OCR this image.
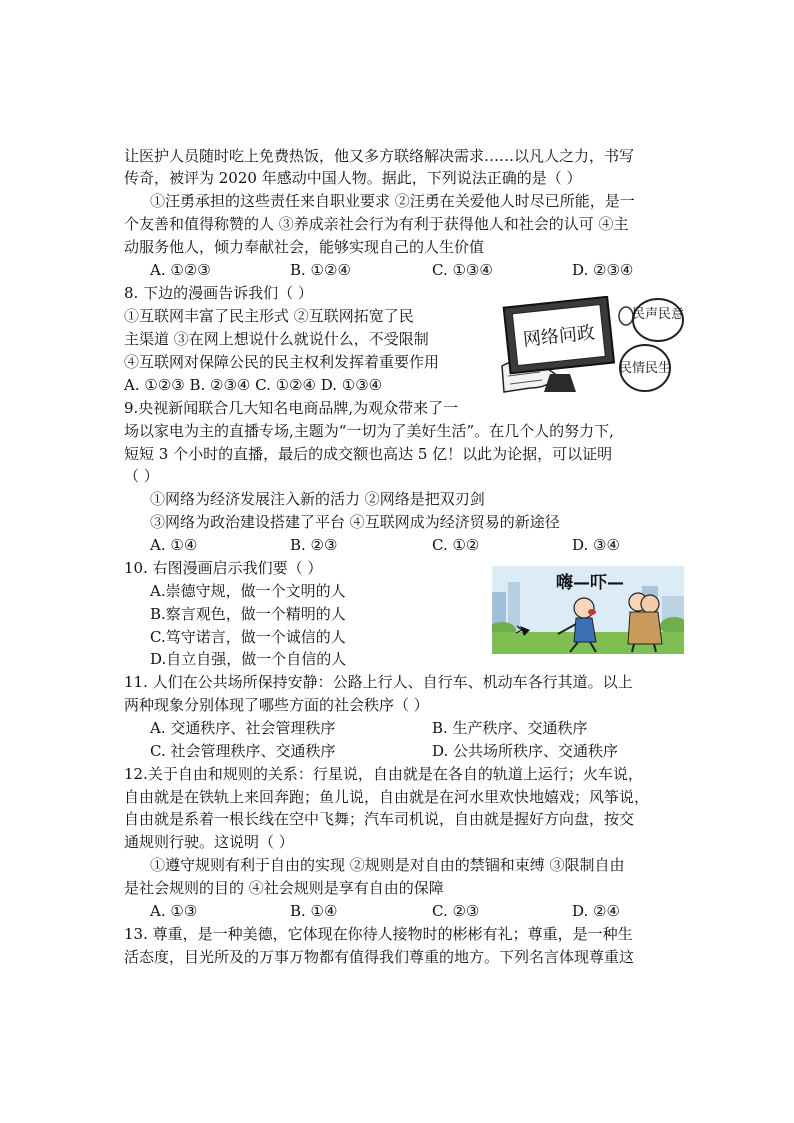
让医护人员随时吃上免费热饭，他又多方联络解决需求……以凡人之力，书写
传奇，被评为 2020 年感动中国人物。据此，下列说法正确的是（ ）
①汪勇承担的这些责任来自职业要求 ②汪勇在关爱他人时尽已所能，是一
个友善和值得称赞的人 ③养成亲社会行为有利于获得他人和社会的认可 ④主
动服务他人，倾力奉献社会，能够实现自己的人生价值
A. ①②③	B. ①②④	C. ①③④	D. ②③④
8. 下边的漫画告诉我们（ ）
①互联网丰富了民主形式 ②互联网拓宽了民
主渠道 ③在网上想说什么就说什么，不受限制
④互联网对保障公民的民主权利发挥着重要作用
A. ①②③ B. ②③④ C. ①②④ D. ①③④
网络问政
民声民意
民情民生
9.央视新闻联合几大知名电商品牌,为观众带来了一
场以家电为主的直播专场,主题为“一切为了美好生活”。在几个人的努力下,
短短 3 个小时的直播，最后的成交额也高达 5 亿！以此为论据，可以证明
（ ）
①网络为经济发展注入新的活力 ②网络是把双刃剑
③网络为政治建设搭建了平台 ④互联网成为经济贸易的新途径
A. ①④	B. ②③	C. ①②	D. ③④
10. 右图漫画启示我们要（ ）
A.崇德守规，做一个文明的人
B.察言观色，做一个精明的人
C.笃守诺言，做一个诚信的人
D.自立自强，做一个自信的人
嗨—吓—
11. 人们在公共场所保持安静：公路上行人、自行车、机动车各行其道。以上
两种现象分别体现了哪些方面的社会秩序（ ）
A. 交通秩序、社会管理秩序	B. 生产秩序、交通秩序
C. 社会管理秩序、交通秩序	D. 公共场所秩序、交通秩序
12.关于自由和规则的关系：行星说，自由就是在各自的轨道上运行；火车说，
自由就是在铁轨上来回奔跑；鱼儿说，自由就是在河水里欢快地嬉戏；风筝说，
自由就是系着一根长线在空中飞舞；汽车司机说，自由就是握好方向盘，按交
通规则行驶。这说明（ ）
①遵守规则有利于自由的实现 ②规则是对自由的禁锢和束缚 ③限制自由
是社会规则的目的 ④社会规则是享有自由的保障
A. ①③	B. ①④	C. ②③	D. ②④
13. 尊重，是一种美德，它体现在你待人接物时的彬彬有礼；尊重，是一种生
活态度，目光所及的万事万物都有值得我们尊重的地方。下列名言体现尊重这
